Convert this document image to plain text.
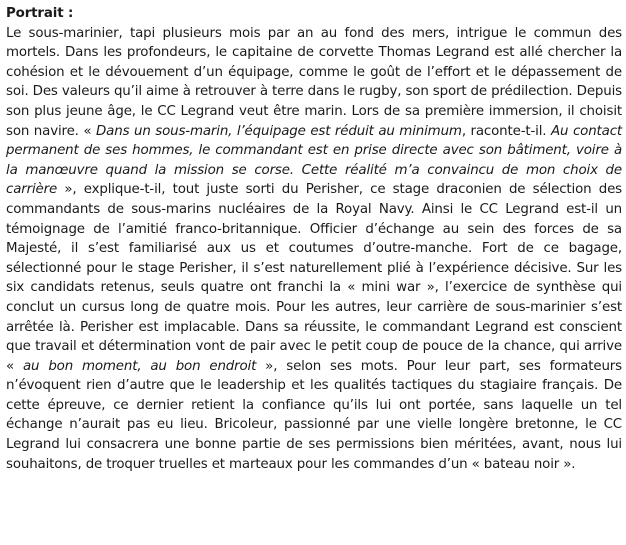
Portrait :

Le sous-marinier, tapi plusieurs mois par an au fond des mers, intrigue le commun des mortels. Dans les profondeurs, le capitaine de corvette Thomas Legrand est allé chercher la cohésion et le dévouement d’un équipage, comme le goût de l’effort et le dépassement de soi. Des valeurs qu’il aime à retrouver à terre dans le rugby, son sport de prédilection. Depuis son plus jeune âge, le CC Legrand veut être marin. Lors de sa première immersion, il choisit son navire. « Dans un sous-marin, l’équipage est réduit au minimum, raconte-t-il. Au contact permanent de ses hommes, le commandant est en prise directe avec son bâtiment, voire à la manœuvre quand la mission se corse. Cette réalité m’a convaincu de mon choix de carrière », explique-t-il, tout juste sorti du Perisher, ce stage draconien de sélection des commandants de sous-marins nucléaires de la Royal Navy. Ainsi le CC Legrand est-il un témoignage de l’amitié franco-britannique. Officier d’échange au sein des forces de sa Majesté, il s’est familiarisé aux us et coutumes d’outre-manche. Fort de ce bagage, sélectionné pour le stage Perisher, il s’est naturellement plié à l’expérience décisive. Sur les six candidats retenus, seuls quatre ont franchi la « mini war », l’exercice de synthèse qui conclut un cursus long de quatre mois. Pour les autres, leur carrière de sous-marinier s’est arrêtée là. Perisher est implacable. Dans sa réussite, le commandant Legrand est conscient que travail et détermination vont de pair avec le petit coup de pouce de la chance, qui arrive « au bon moment, au bon endroit », selon ses mots. Pour leur part, ses formateurs n’évoquent rien d’autre que le leadership et les qualités tactiques du stagiaire français. De cette épreuve, ce dernier retient la confiance qu’ils lui ont portée, sans laquelle un tel échange n’aurait pas eu lieu. Bricoleur, passionné par une vielle longère bretonne, le CC Legrand lui consacrera une bonne partie de ses permissions bien méritées, avant, nous lui souhaitons, de troquer truelles et marteaux pour les commandes d’un « bateau noir ».
